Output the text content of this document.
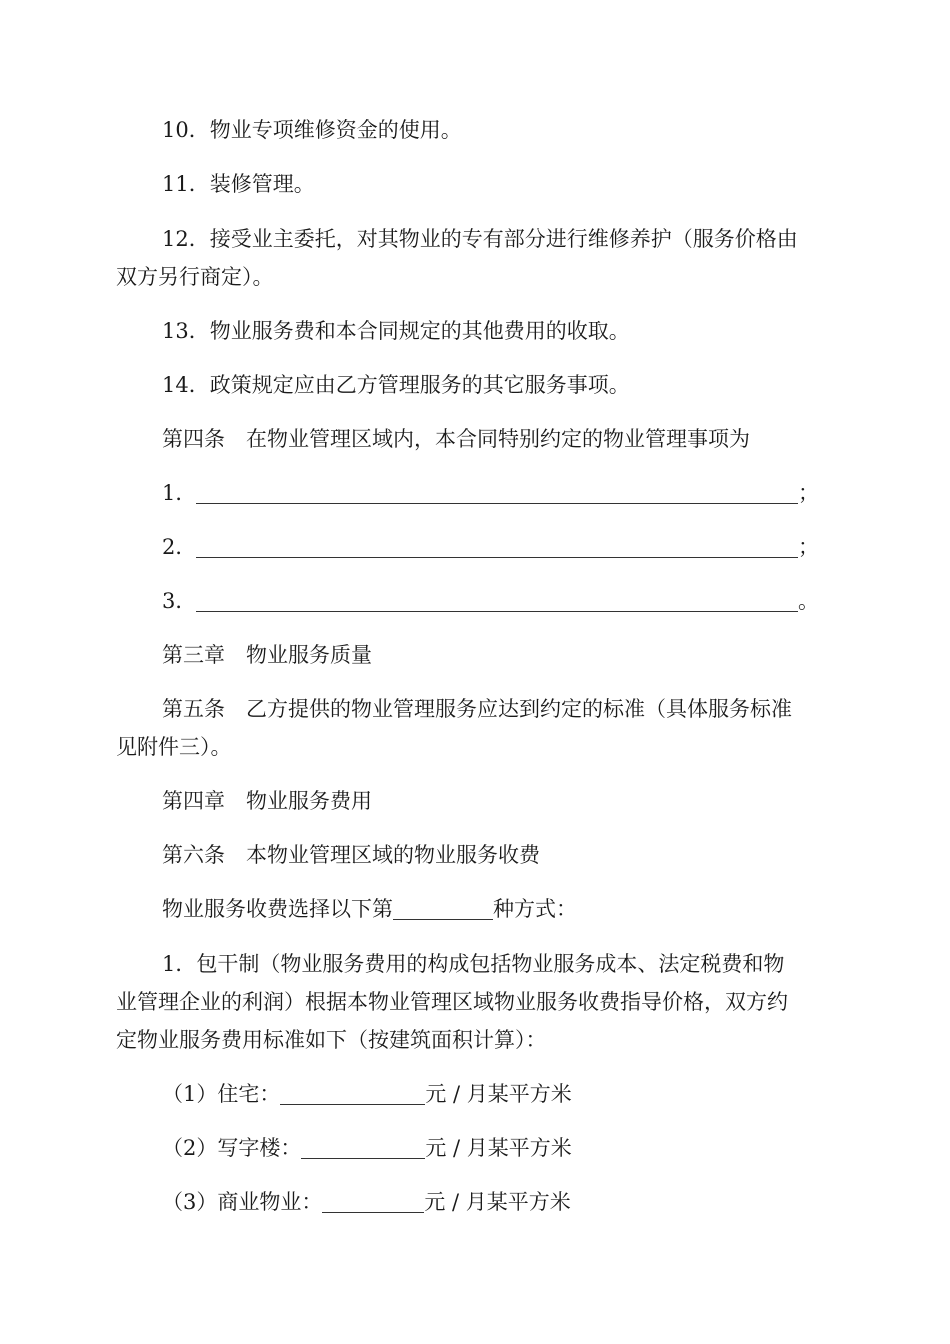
10．物业专项维修资金的使用。
11．装修管理。
12．接受业主委托，对其物业的专有部分进行维修养护（服务价格由
双方另行商定）。
13．物业服务费和本合同规定的其他费用的收取。
14．政策规定应由乙方管理服务的其它服务事项。
第四条　在物业管理区域内，本合同特别约定的物业管理事项为
1．	；
2．	；
3．	。
第三章　物业服务质量
第五条　乙方提供的物业管理服务应达到约定的标准（具体服务标准
见附件三）。
第四章　物业服务费用
第六条　本物业管理区域的物业服务收费
物业服务收费选择以下第	种方式：
1．包干制（物业服务费用的构成包括物业服务成本、法定税费和物
业管理企业的利润）根据本物业管理区域物业服务收费指导价格，双方约
定物业服务费用标准如下（按建筑面积计算）：
（1）住宅：	元 / 月某平方米
（2）写字楼：	元 / 月某平方米
（3）商业物业：	元 / 月某平方米
